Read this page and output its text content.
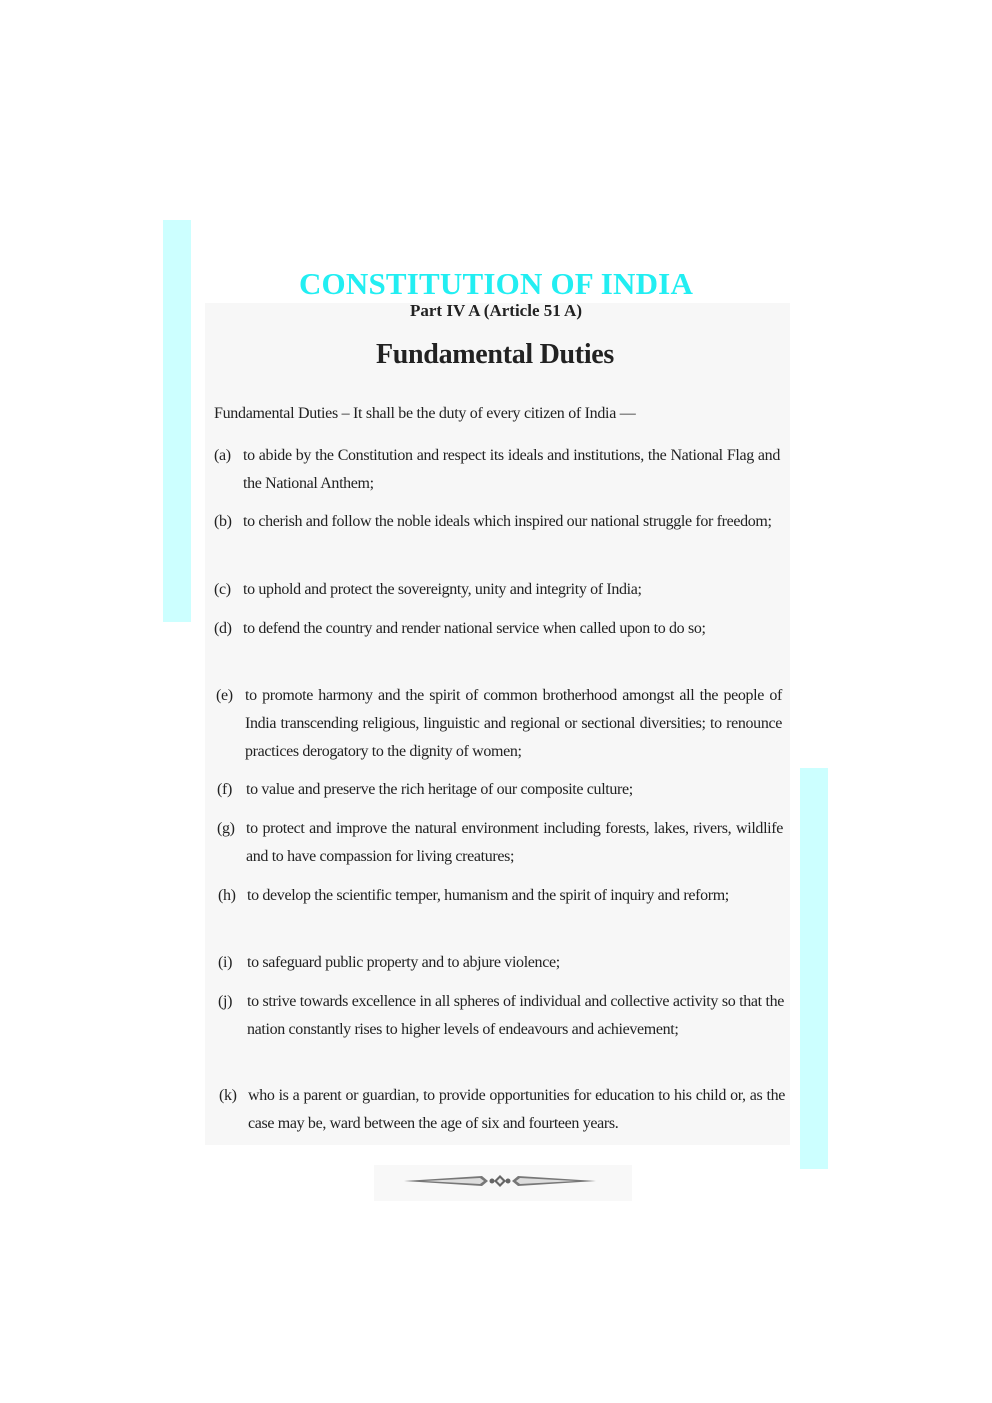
CONSTITUTION OF INDIA
Part IV A (Article 51 A)
Fundamental Duties
Fundamental Duties – It shall be the duty of every citizen of India —
(a) to abide by the Constitution and respect its ideals and institutions, the National Flag and the National Anthem;
(b) to cherish and follow the noble ideals which inspired our national struggle for freedom;
(c) to uphold and protect the sovereignty, unity and integrity of India;
(d) to defend the country and render national service when called upon to do so;
(e) to promote harmony and the spirit of common brotherhood amongst all the people of India transcending religious, linguistic and regional or sectional diversities; to renounce practices derogatory to the dignity of women;
(f) to value and preserve the rich heritage of our composite culture;
(g) to protect and improve the natural environment including forests, lakes, rivers, wildlife and to have compassion for living creatures;
(h) to develop the scientific temper, humanism and the spirit of inquiry and reform;
(i) to safeguard public property and to abjure violence;
(j) to strive towards excellence in all spheres of individual and collective activity so that the nation constantly rises to higher levels of endeavours and achievement;
(k) who is a parent or guardian, to provide opportunities for education to his child or, as the case may be, ward between the age of six and fourteen years.
